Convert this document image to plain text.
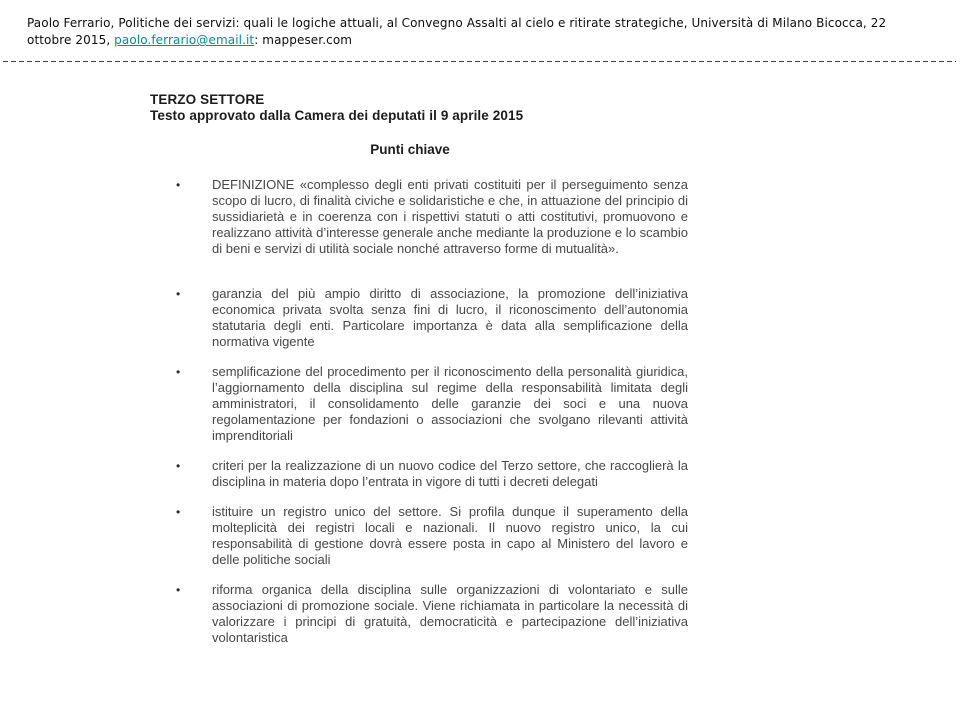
Paolo Ferrario, Politiche dei servizi: quali le logiche attuali, al Convegno Assalti al cielo e ritirate strategiche, Università di Milano Bicocca, 22 ottobre 2015, paolo.ferrario@email.it: mappeser.com
TERZO SETTORE
Testo approvato dalla Camera dei deputati il 9 aprile 2015
Punti chiave
•	DEFINIZIONE «complesso degli enti privati costituiti per il perseguimento senza scopo di lucro, di finalità civiche e solidaristiche e che, in attuazione del principio di sussidiarietà e in coerenza con i rispettivi statuti o atti costitutivi, promuovono e realizzano attività d’interesse generale anche mediante la produzione e lo scambio di beni e servizi di utilità sociale nonché attraverso forme di mutualità».
•	garanzia del più ampio diritto di associazione, la promozione dell’iniziativa economica privata svolta senza fini di lucro, il riconoscimento dell’autonomia statutaria degli enti. Particolare importanza è data alla semplificazione della normativa vigente
•	semplificazione del procedimento per il riconoscimento della personalità giuridica, l’aggiornamento della disciplina sul regime della responsabilità limitata degli amministratori, il consolidamento delle garanzie dei soci e una nuova regolamentazione per fondazioni o associazioni che svolgano rilevanti attività imprenditoriali
•	criteri per la realizzazione di un nuovo codice del Terzo settore, che raccoglierà la disciplina in materia dopo l’entrata in vigore di tutti i decreti delegati
•	istituire un registro unico del settore. Si profila dunque il superamento della molteplicità dei registri locali e nazionali. Il nuovo registro unico, la cui responsabilità di gestione dovrà essere posta in capo al Ministero del lavoro e delle politiche sociali
•	riforma organica della disciplina sulle organizzazioni di volontariato e sulle associazioni di promozione sociale. Viene richiamata in particolare la necessità di valorizzare i principi di gratuità, democraticità e partecipazione dell’iniziativa volontaristica
